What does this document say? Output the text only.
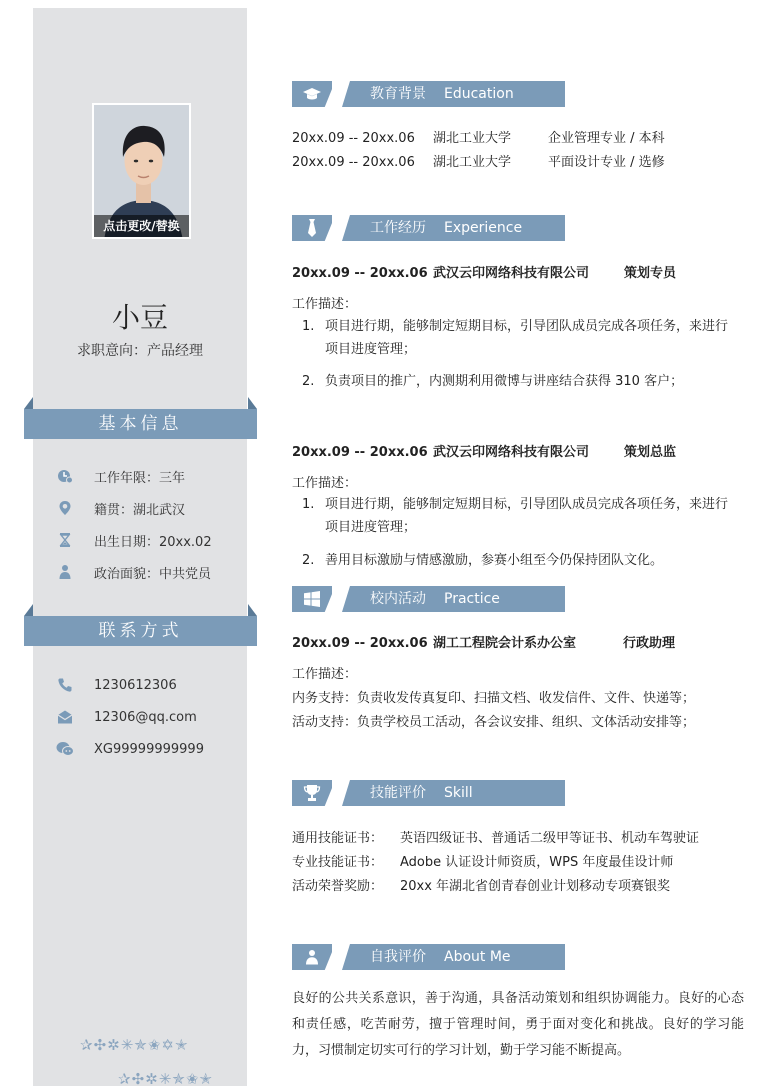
点击更改/替换
小豆
求职意向：产品经理
基本信息
工作年限：三年
籍贯：湖北武汉
出生日期：20xx.02
政治面貌：中共党员
联系方式
1230612306
12306@qq.com
XG99999999999
✰✣✲✳✯✬✡✭
✰✣✲✳✯✬✭
教育背景 Education
20xx.09 -- 20xx.06 湖北工业大学	企业管理专业 / 本科
20xx.09 -- 20xx.06 湖北工业大学	平面设计专业 / 选修
工作经历 Experience
20xx.09 -- 20xx.06 武汉云印网络科技有限公司	策划专员
工作描述：
1. 项目进行期，能够制定短期目标，引导团队成员完成各项任务，来进行项目进度管理；
2. 负责项目的推广，内测期利用微博与讲座结合获得 310 客户；
20xx.09 -- 20xx.06 武汉云印网络科技有限公司	策划总监
工作描述：
1. 项目进行期，能够制定短期目标，引导团队成员完成各项任务，来进行项目进度管理；
2. 善用目标激励与情感激励，参赛小组至今仍保持团队文化。
校内活动 Practice
20xx.09 -- 20xx.06 湖工工程院会计系办公室	行政助理
工作描述：
内务支持：负责收发传真复印、扫描文档、收发信件、文件、快递等；
活动支持：负责学校员工活动，各会议安排、组织、文体活动安排等；
技能评价 Skill
通用技能证书： 英语四级证书、普通话二级甲等证书、机动车驾驶证
专业技能证书： Adobe 认证设计师资质，WPS 年度最佳设计师
活动荣誉奖励： 20xx 年湖北省创青春创业计划移动专项赛银奖
自我评价 About Me
良好的公共关系意识，善于沟通，具备活动策划和组织协调能力。良好的心态和责任感，吃苦耐劳，擅于管理时间，勇于面对变化和挑战。良好的学习能力，习惯制定切实可行的学习计划，勤于学习能不断提高。
